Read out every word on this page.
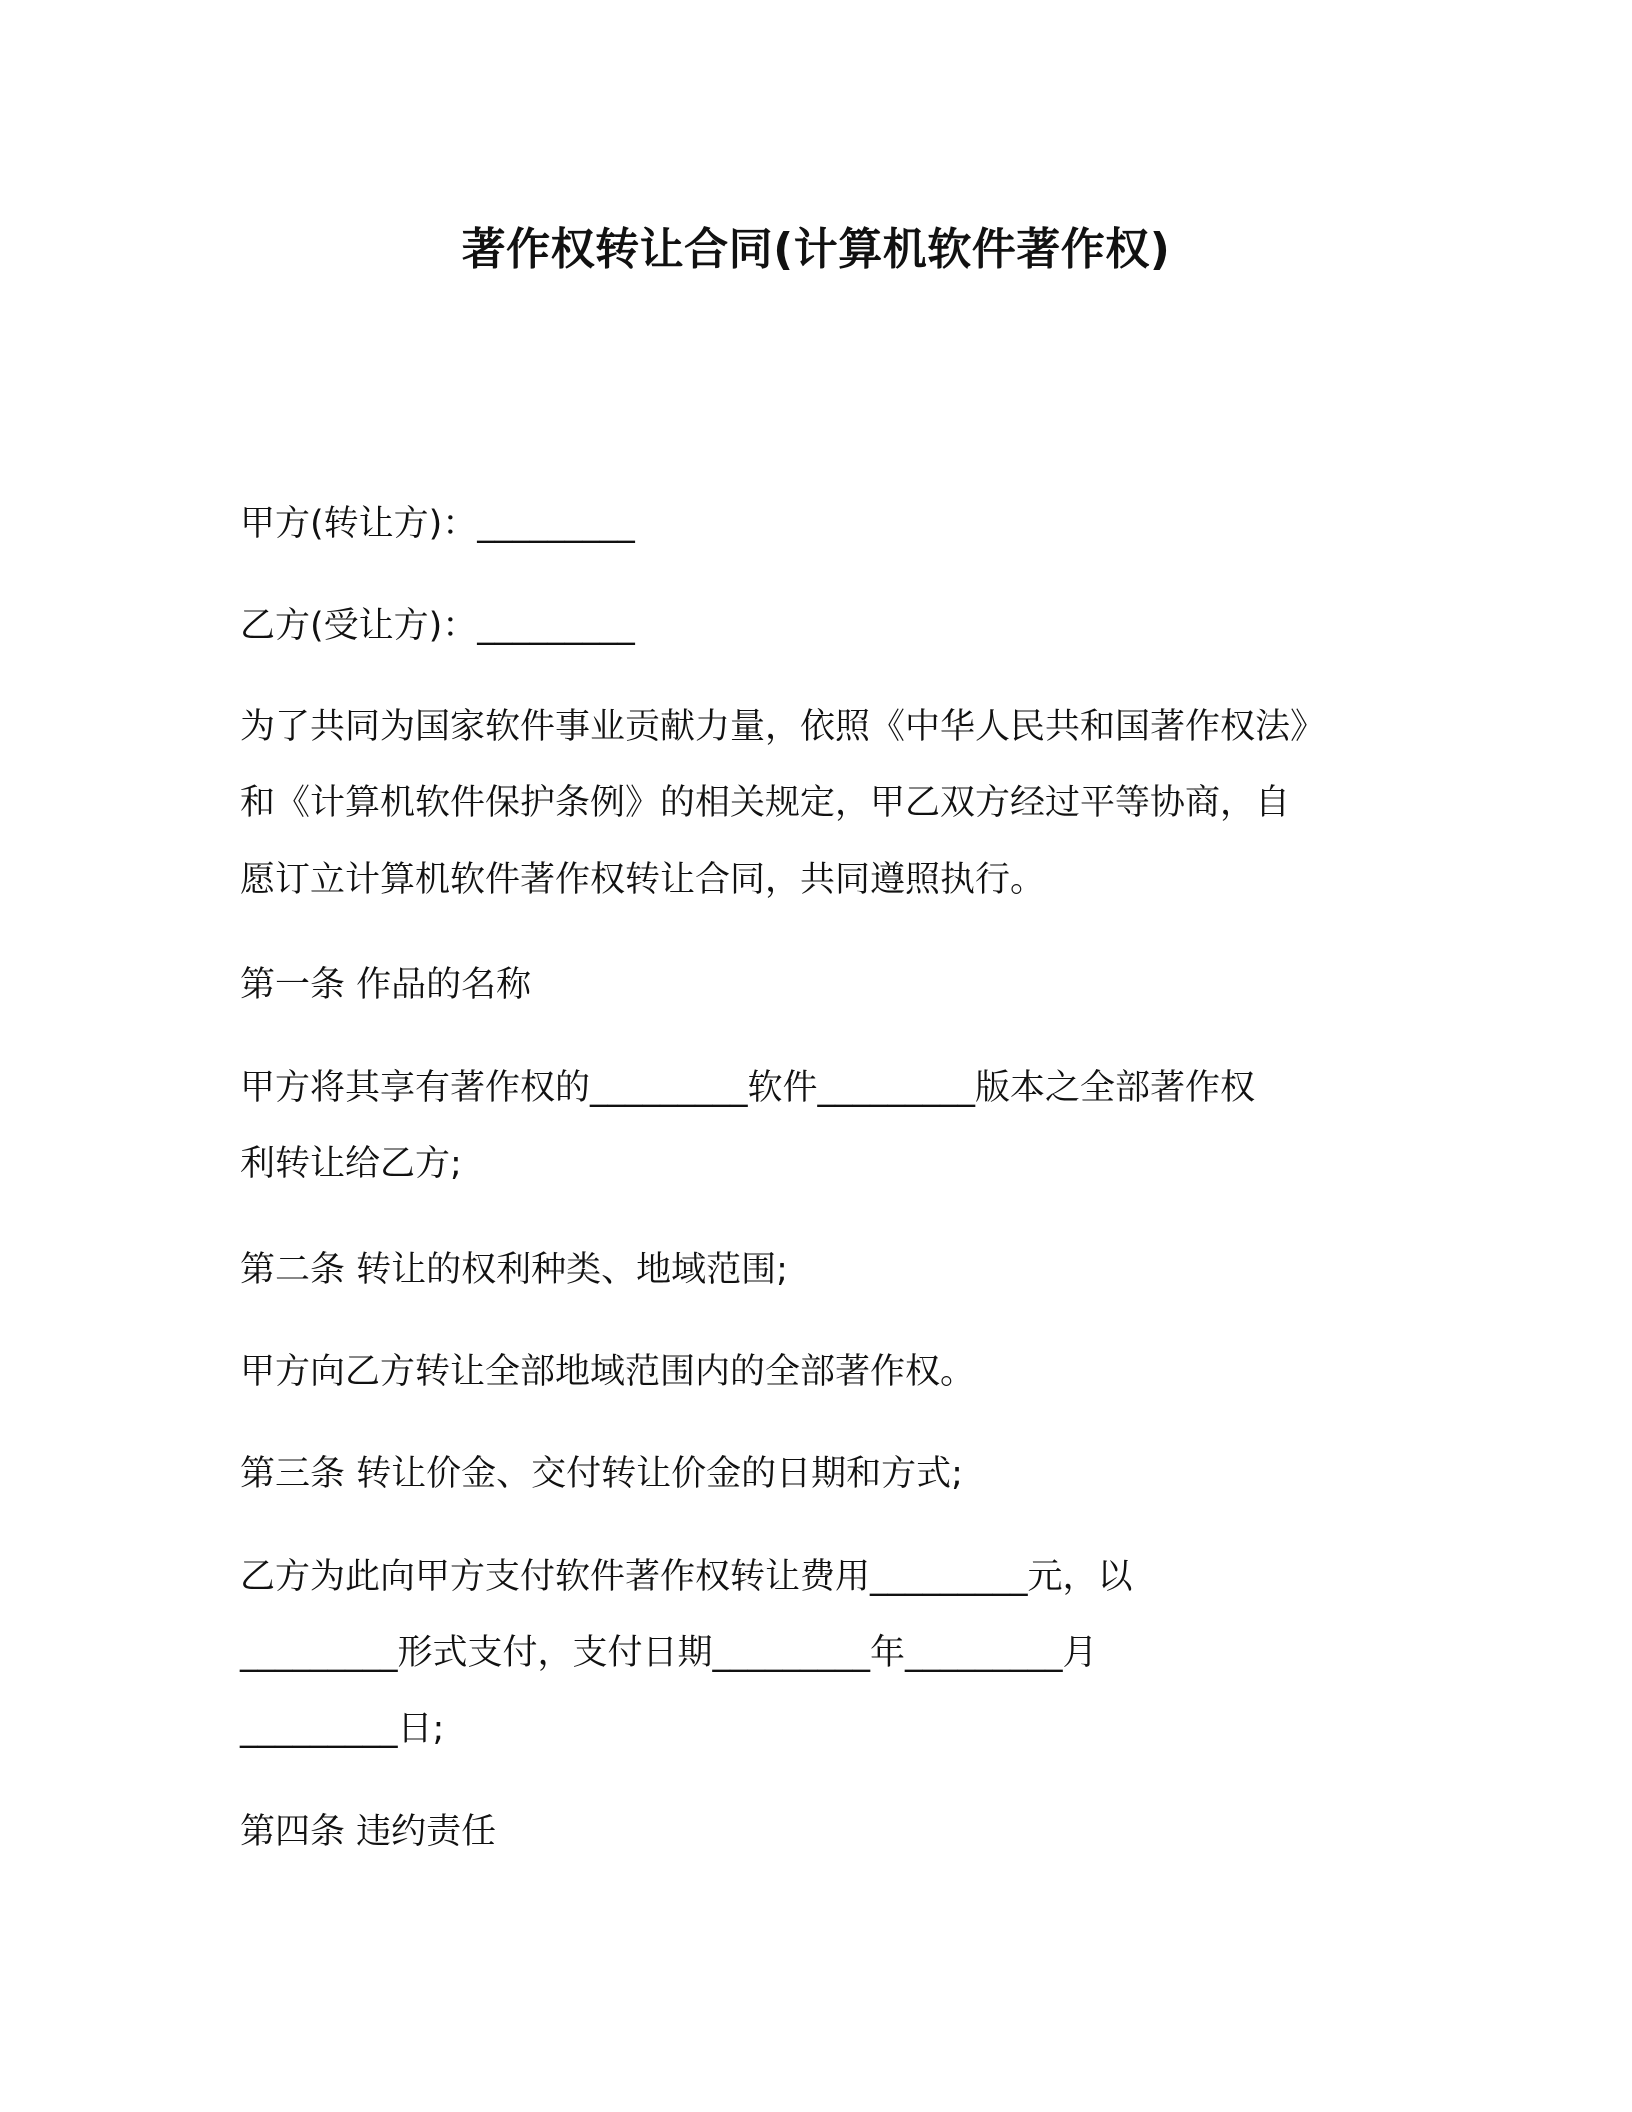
著作权转让合同(计算机软件著作权)

甲方(转让方)：_________

乙方(受让方)：_________

为了共同为国家软件事业贡献力量，依照《中华人民共和国著作权法》

和《计算机软件保护条例》的相关规定，甲乙双方经过平等协商，自

愿订立计算机软件著作权转让合同，共同遵照执行。

第一条 作品的名称

甲方将其享有著作权的_________软件_________版本之全部著作权

利转让给乙方;

第二条 转让的权利种类、地域范围;

甲方向乙方转让全部地域范围内的全部著作权。

第三条 转让价金、交付转让价金的日期和方式;

乙方为此向甲方支付软件著作权转让费用_________元，以

_________形式支付，支付日期_________年_________月

_________日;

第四条 违约责任
